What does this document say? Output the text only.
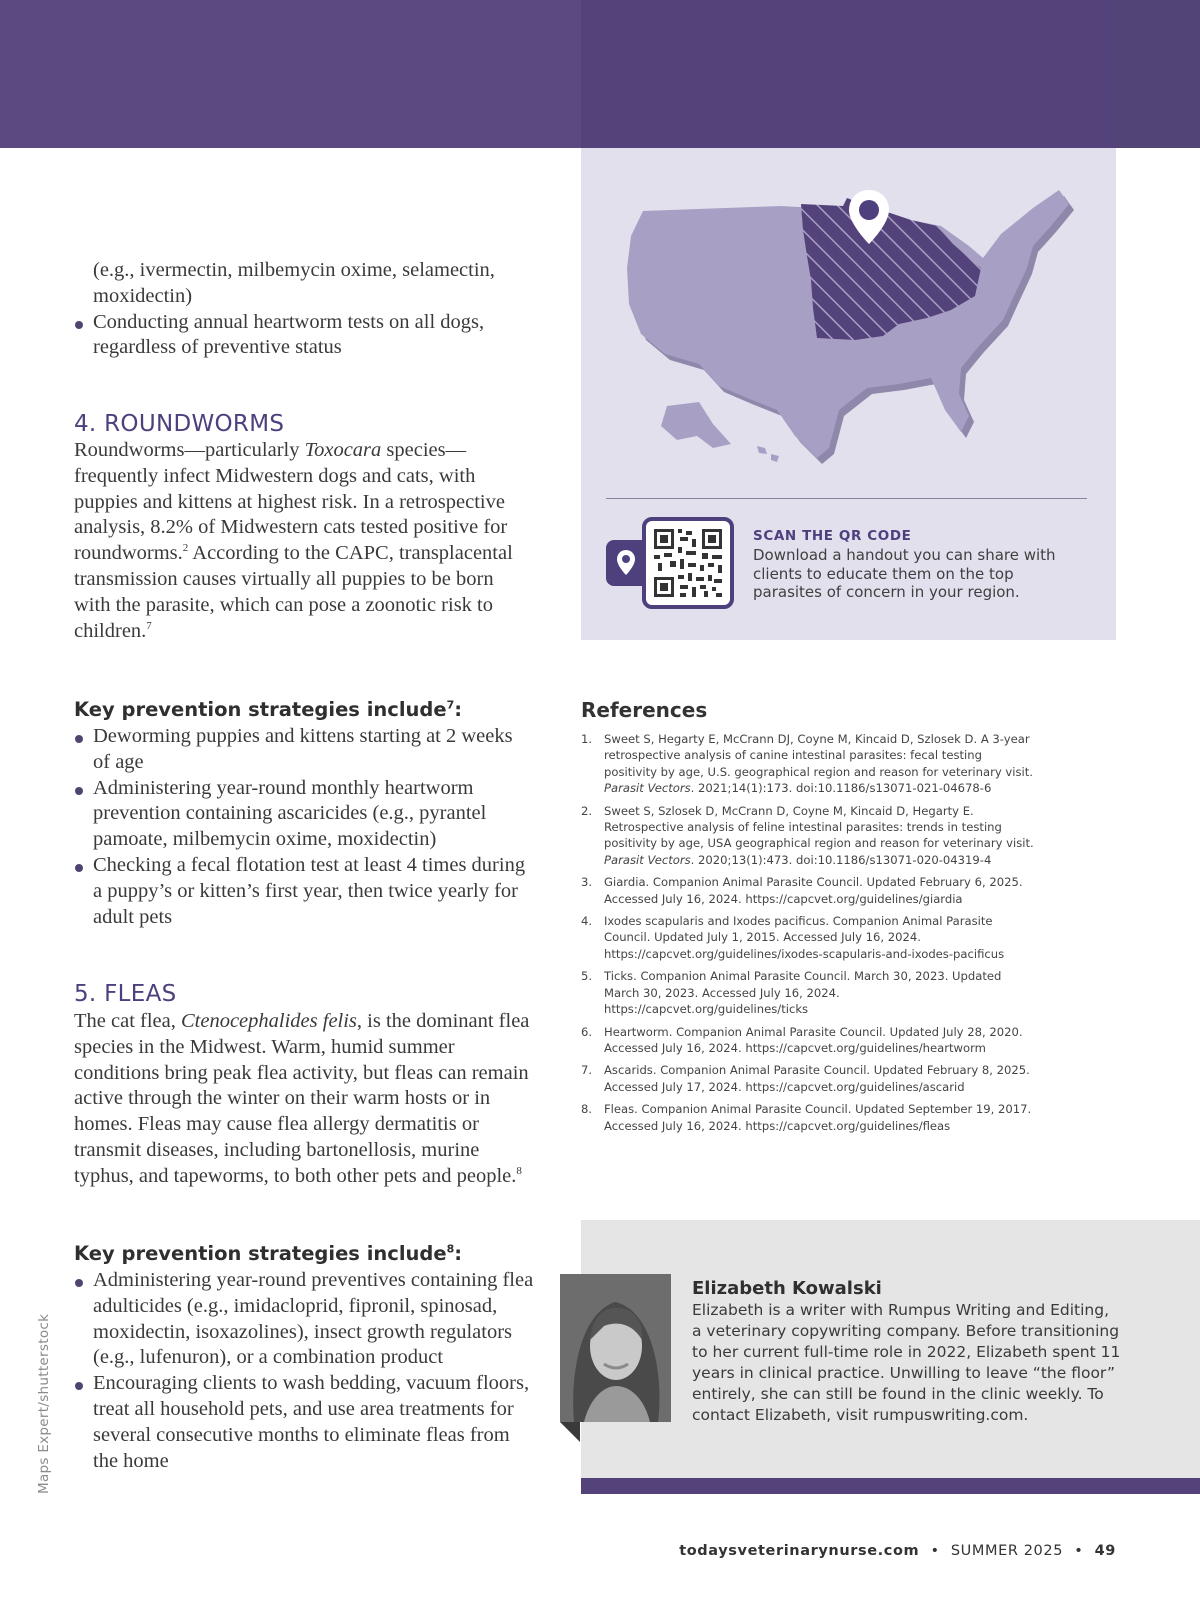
(e.g., ivermectin, milbemycin oxime, selamectin, moxidectin)
Conducting annual heartworm tests on all dogs, regardless of preventive status
4. ROUNDWORMS
Roundworms—particularly Toxocara species—frequently infect Midwestern dogs and cats, with puppies and kittens at highest risk. In a retrospective analysis, 8.2% of Midwestern cats tested positive for roundworms.$^2$ According to the CAPC, transplacental transmission causes virtually all puppies to be born with the parasite, which can pose a zoonotic risk to children.$^7$
Key prevention strategies include$^7$:
Deworming puppies and kittens starting at 2 weeks of age
Administering year-round monthly heartworm prevention containing ascaricides (e.g., pyrantel pamoate, milbemycin oxime, moxidectin)
Checking a fecal flotation test at least 4 times during a puppy’s or kitten’s first year, then twice yearly for adult pets
5. FLEAS
The cat flea, Ctenocephalides felis, is the dominant flea species in the Midwest. Warm, humid summer conditions bring peak flea activity, but fleas can remain active through the winter on their warm hosts or in homes. Fleas may cause flea allergy dermatitis or transmit diseases, including bartonellosis, murine typhus, and tapeworms, to both other pets and people.$^8$
Key prevention strategies include$^8$:
Administering year-round preventives containing flea adulticides (e.g., imidacloprid, fipronil, spinosad, moxidectin, isoxazolines), insect growth regulators (e.g., lufenuron), or a combination product
Encouraging clients to wash bedding, vacuum floors, treat all household pets, and use area treatments for several consecutive months to eliminate fleas from the home
SCAN THE QR CODE
Download a handout you can share with clients to educate them on the top parasites of concern in your region.
References
1. Sweet S, Hegarty E, McCrann DJ, Coyne M, Kincaid D, Szlosek D. A 3-year retrospective analysis of canine intestinal parasites: fecal testing positivity by age, U.S. geographical region and reason for veterinary visit. Parasit Vectors. 2021;14(1):173. doi:10.1186/s13071-021-04678-6
2. Sweet S, Szlosek D, McCrann D, Coyne M, Kincaid D, Hegarty E. Retrospective analysis of feline intestinal parasites: trends in testing positivity by age, USA geographical region and reason for veterinary visit. Parasit Vectors. 2020;13(1):473. doi:10.1186/s13071-020-04319-4
3. Giardia. Companion Animal Parasite Council. Updated February 6, 2025. Accessed July 16, 2024. https://capcvet.org/guidelines/giardia
4. Ixodes scapularis and Ixodes pacificus. Companion Animal Parasite Council. Updated July 1, 2015. Accessed July 16, 2024. https://capcvet.org/guidelines/ixodes-scapularis-and-ixodes-pacificus
5. Ticks. Companion Animal Parasite Council. March 30, 2023. Updated March 30, 2023. Accessed July 16, 2024. https://capcvet.org/guidelines/ticks
6. Heartworm. Companion Animal Parasite Council. Updated July 28, 2020. Accessed July 16, 2024. https://capcvet.org/guidelines/heartworm
7. Ascarids. Companion Animal Parasite Council. Updated February 8, 2025. Accessed July 17, 2024. https://capcvet.org/guidelines/ascarid
8. Fleas. Companion Animal Parasite Council. Updated September 19, 2017. Accessed July 16, 2024. https://capcvet.org/guidelines/fleas
Elizabeth Kowalski
Elizabeth is a writer with Rumpus Writing and Editing, a veterinary copywriting company. Before transitioning to her current full-time role in 2022, Elizabeth spent 11 years in clinical practice. Unwilling to leave “the floor” entirely, she can still be found in the clinic weekly. To contact Elizabeth, visit rumpuswriting.com.
Maps Expert/shutterstock
todaysveterinarynurse.com • SUMMER 2025 • 49
